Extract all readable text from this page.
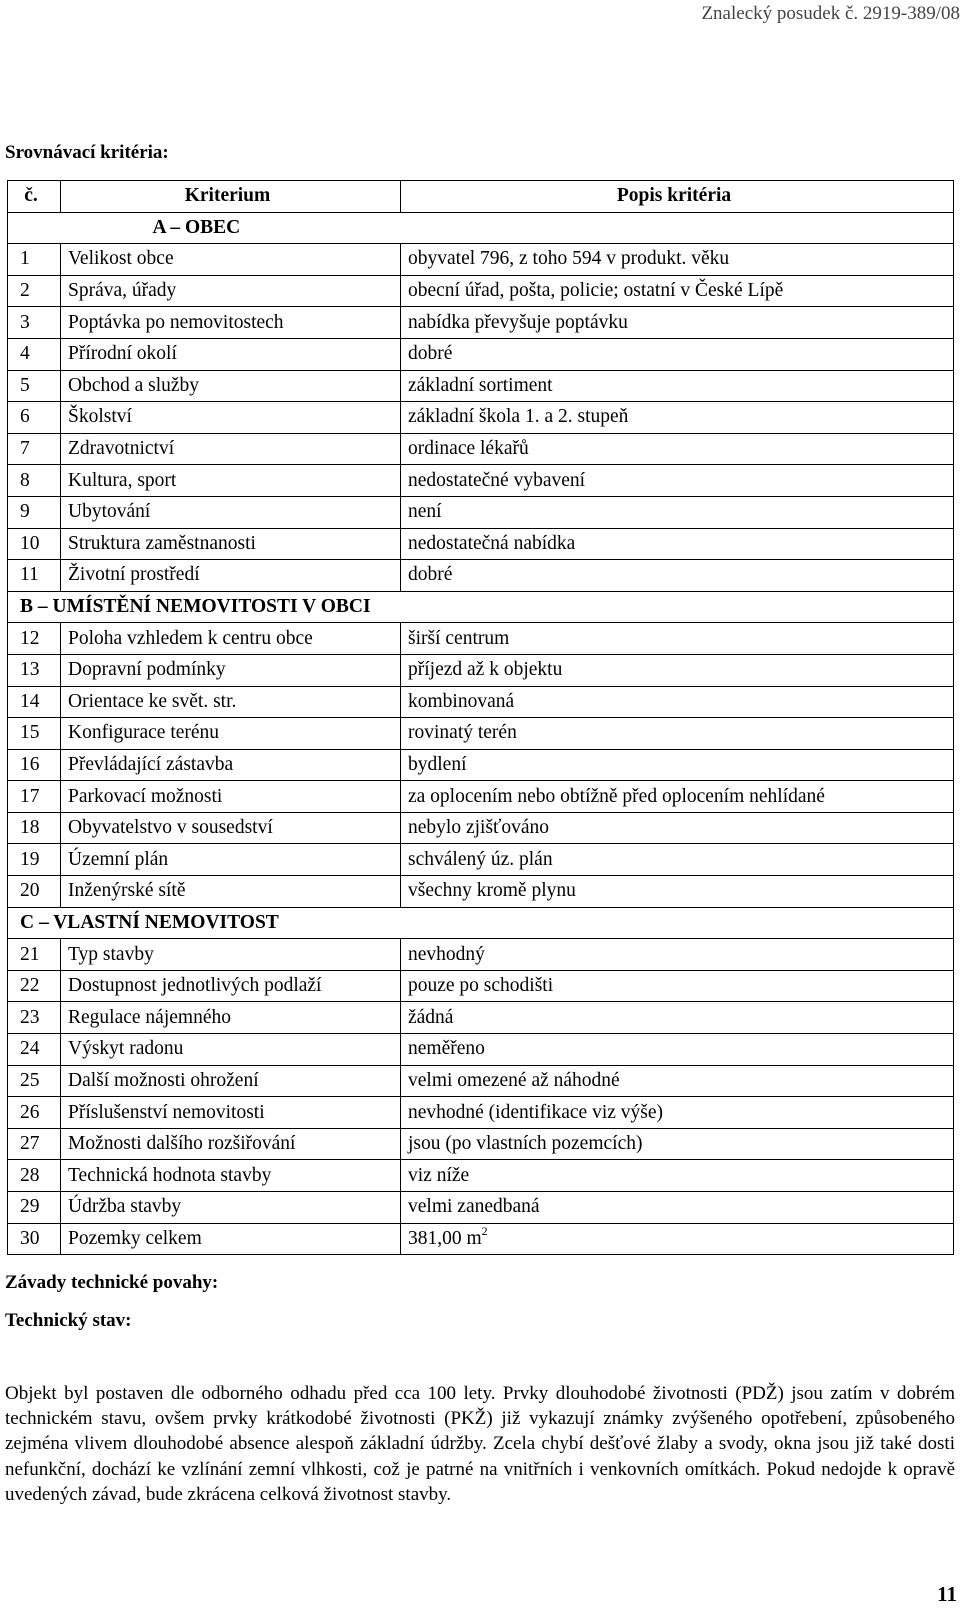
Znalecký posudek č. 2919-389/08
Srovnávací kritéria:
č.	Kriterium	Popis kritéria
	A – OBEC	
1	Velikost obce	obyvatel 796, z toho 594 v produkt. věku
2	Správa, úřady	obecní úřad, pošta, policie; ostatní v České Lípě
3	Poptávka po nemovitostech	nabídka převyšuje poptávku
4	Přírodní okolí	dobré
5	Obchod a služby	základní sortiment
6	Školství	základní škola 1. a 2. stupeň
7	Zdravotnictví	ordinace lékařů
8	Kultura, sport	nedostatečné vybavení
9	Ubytování	není
10	Struktura zaměstnanosti	nedostatečná nabídka
11	Životní prostředí	dobré
B – UMÍSTĚNÍ NEMOVITOSTI V OBCI		
12	Poloha vzhledem k centru obce	širší centrum
13	Dopravní podmínky	příjezd až k objektu
14	Orientace ke svět. str.	kombinovaná
15	Konfigurace terénu	rovinatý terén
16	Převládající zástavba	bydlení
17	Parkovací možnosti	za oplocením nebo obtížně před oplocením nehlídané
18	Obyvatelstvo v sousedství	nebylo zjišťováno
19	Územní plán	schválený úz. plán
20	Inženýrské sítě	všechny kromě plynu
C – VLASTNÍ NEMOVITOST		
21	Typ stavby	nevhodný
22	Dostupnost jednotlivých podlaží	pouze po schodišti
23	Regulace nájemného	žádná
24	Výskyt radonu	neměřeno
25	Další možnosti ohrožení	velmi omezené až náhodné
26	Příslušenství nemovitosti	nevhodné (identifikace viz výše)
27	Možnosti dalšího rozšiřování	jsou (po vlastních pozemcích)
28	Technická hodnota stavby	viz níže
29	Údržba stavby	velmi zanedbaná
30	Pozemky celkem	381,00 $m^2$
Závady technické povahy:
Technický stav:
Objekt byl postaven dle odborného odhadu před cca 100 lety. Prvky dlouhodobé životnosti (PDŽ) jsou zatím v dobrém technickém stavu, ovšem prvky krátkodobé životnosti (PKŽ) již vykazují známky zvýšeného opotřebení, způsobeného zejména vlivem dlouhodobé absence alespoň základní údržby. Zcela chybí dešťové žlaby a svody, okna jsou již také dosti nefunkční, dochází ke vzlínání zemní vlhkosti, což je patrné na vnitřních i venkovních omítkách. Pokud nedojde k opravě uvedených závad, bude zkrácena celková životnost stavby.
11
